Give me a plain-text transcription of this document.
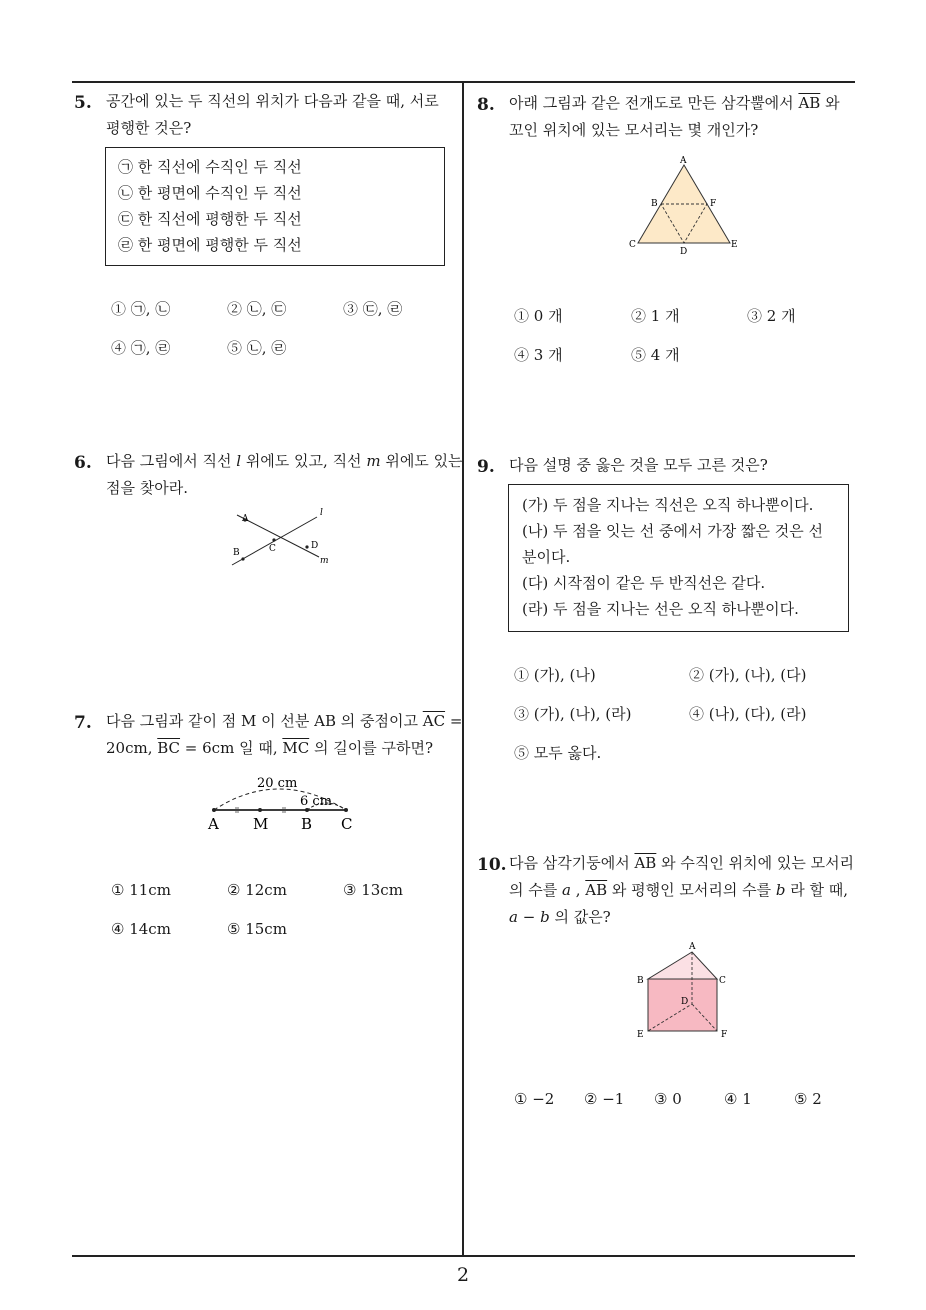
5. 공간에 있는 두 직선의 위치가 다음과 같을 때, 서로
평행한 것은?
㉠ 한 직선에 수직인 두 직선
㉡ 한 평면에 수직인 두 직선
㉢ 한 직선에 평행한 두 직선
㉣ 한 평면에 평행한 두 직선
① ㉠, ㉡	② ㉡, ㉢	③ ㉢, ㉣
④ ㉠, ㉣	⑤ ㉡, ㉣
6. 다음 그림에서 직선 l 위에도 있고, 직선 m 위에도 있는
점을 찾아라.
A
B	C	D
l
m
7. 다음 그림과 같이 점 M 이 선분 AB 의 중점이고 $\overline{AC}$ =
20cm, $\overline{BC} = 6cm$ 일 때, $\overline{MC}$ 의 길이를 구하면?
20 cm
6 cm
A M B C
① 11cm	② 12cm	③ 13cm
④ 14cm	⑤ 15cm
8. 아래 그림과 같은 전개도로 만든 삼각뿔에서 $\overline{AB}$ 와
꼬인 위치에 있는 모서리는 몇 개인가?
A
B	F
C
D
E
① 0 개	② 1 개	③ 2 개
④ 3 개	⑤ 4 개
9. 다음 설명 중 옳은 것을 모두 고른 것은?
(가) 두 점을 지나는 직선은 오직 하나뿐이다.
(나) 두 점을 잇는 선 중에서 가장 짧은 것은 선
분이다.
(다) 시작점이 같은 두 반직선은 같다.
(라) 두 점을 지나는 선은 오직 하나뿐이다.
① (가), (나)	② (가), (나), (다)
③ (가), (나), (라)	④ (나), (다), (라)
⑤ 모두 옳다.
10. 다음 삼각기둥에서 $\overline{AB}$ 와 수직인 위치에 있는 모서리
의 수를 a , $\overline{AB}$ 와 평행인 모서리의 수를 b 라 할 때,
a − b 의 값은?
A
B	C
D
E	F
① −2 ② −1 ③ 0	④ 1	⑤ 2
2
